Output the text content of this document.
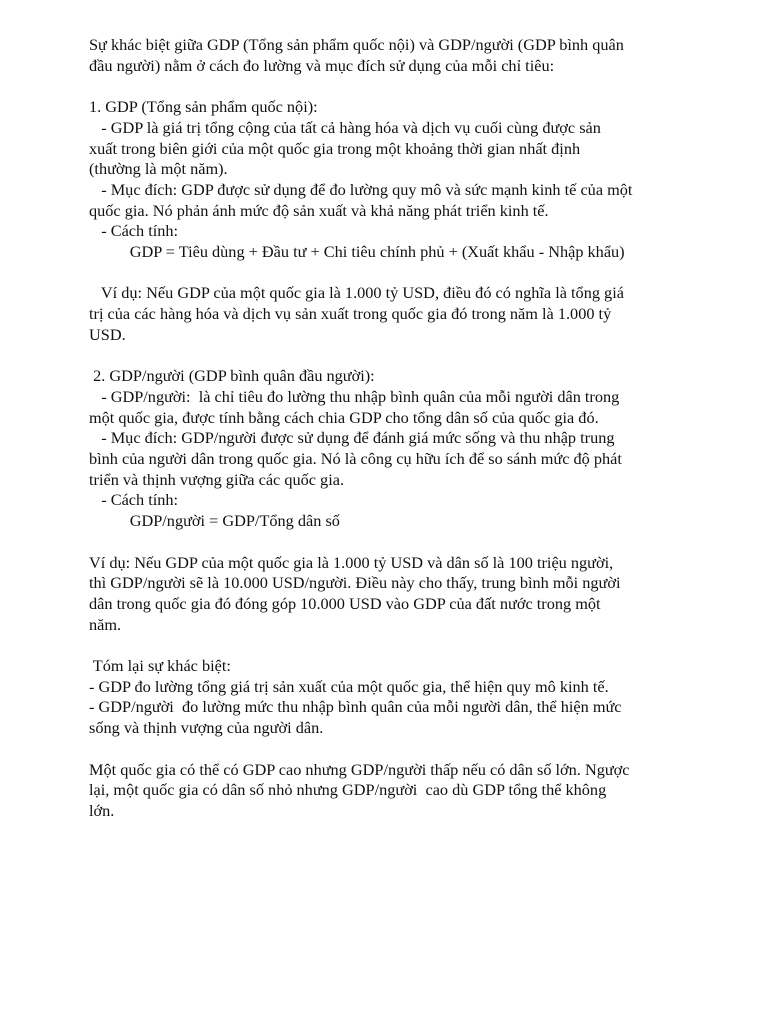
Sự khác biệt giữa GDP (Tổng sản phẩm quốc nội) và GDP/người (GDP bình quân
đầu người) nằm ở cách đo lường và mục đích sử dụng của mỗi chỉ tiêu:
1. GDP (Tổng sản phẩm quốc nội):
- GDP là giá trị tổng cộng của tất cả hàng hóa và dịch vụ cuối cùng được sản
xuất trong biên giới của một quốc gia trong một khoảng thời gian nhất định
(thường là một năm).
- Mục đích: GDP được sử dụng để đo lường quy mô và sức mạnh kinh tế của một
quốc gia. Nó phản ánh mức độ sản xuất và khả năng phát triển kinh tế.
- Cách tính:
GDP = Tiêu dùng + Đầu tư + Chi tiêu chính phủ + (Xuất khẩu - Nhập khẩu)
Ví dụ: Nếu GDP của một quốc gia là 1.000 tỷ USD, điều đó có nghĩa là tổng giá
trị của các hàng hóa và dịch vụ sản xuất trong quốc gia đó trong năm là 1.000 tỷ
USD.
2. GDP/người (GDP bình quân đầu người):
- GDP/người:  là chỉ tiêu đo lường thu nhập bình quân của mỗi người dân trong
một quốc gia, được tính bằng cách chia GDP cho tổng dân số của quốc gia đó.
- Mục đích: GDP/người được sử dụng để đánh giá mức sống và thu nhập trung
bình của người dân trong quốc gia. Nó là công cụ hữu ích để so sánh mức độ phát
triển và thịnh vượng giữa các quốc gia.
- Cách tính:
GDP/người = GDP/Tổng dân số
Ví dụ: Nếu GDP của một quốc gia là 1.000 tỷ USD và dân số là 100 triệu người,
thì GDP/người sẽ là 10.000 USD/người. Điều này cho thấy, trung bình mỗi người
dân trong quốc gia đó đóng góp 10.000 USD vào GDP của đất nước trong một
năm.
Tóm lại sự khác biệt:
- GDP đo lường tổng giá trị sản xuất của một quốc gia, thể hiện quy mô kinh tế.
- GDP/người  đo lường mức thu nhập bình quân của mỗi người dân, thể hiện mức
sống và thịnh vượng của người dân.
Một quốc gia có thể có GDP cao nhưng GDP/người thấp nếu có dân số lớn. Ngược
lại, một quốc gia có dân số nhỏ nhưng GDP/người  cao dù GDP tổng thể không
lớn.
